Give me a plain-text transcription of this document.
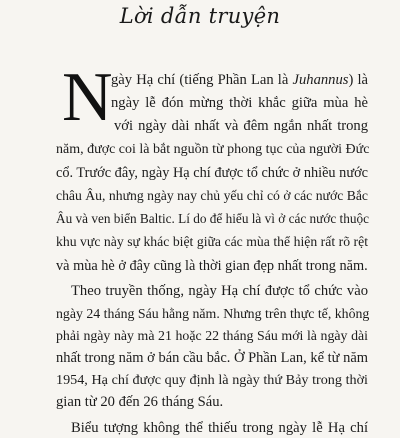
Lời dẫn truyện
N
gày Hạ chí (tiếng Phần Lan là Juhannus) là
ngày lễ đón mừng thời khắc giữa mùa hè
với ngày dài nhất và đêm ngắn nhất trong
năm, được coi là bắt nguồn từ phong tục của người Đức
cổ. Trước đây, ngày Hạ chí được tổ chức ở nhiều nước
châu Âu, nhưng ngày nay chủ yếu chỉ có ở các nước Bắc
Âu và ven biển Baltic. Lí do để hiểu là vì ở các nước thuộc
khu vực này sự khác biệt giữa các mùa thể hiện rất rõ rệt
và mùa hè ở đây cũng là thời gian đẹp nhất trong năm.
Theo truyền thống, ngày Hạ chí được tổ chức vào
ngày 24 tháng Sáu hằng năm. Nhưng trên thực tế, không
phải ngày này mà 21 hoặc 22 tháng Sáu mới là ngày dài
nhất trong năm ở bán cầu bắc. Ở Phần Lan, kể từ năm
1954, Hạ chí được quy định là ngày thứ Bảy trong thời
gian từ 20 đến 26 tháng Sáu.
Biểu tượng không thể thiếu trong ngày lễ Hạ chí
